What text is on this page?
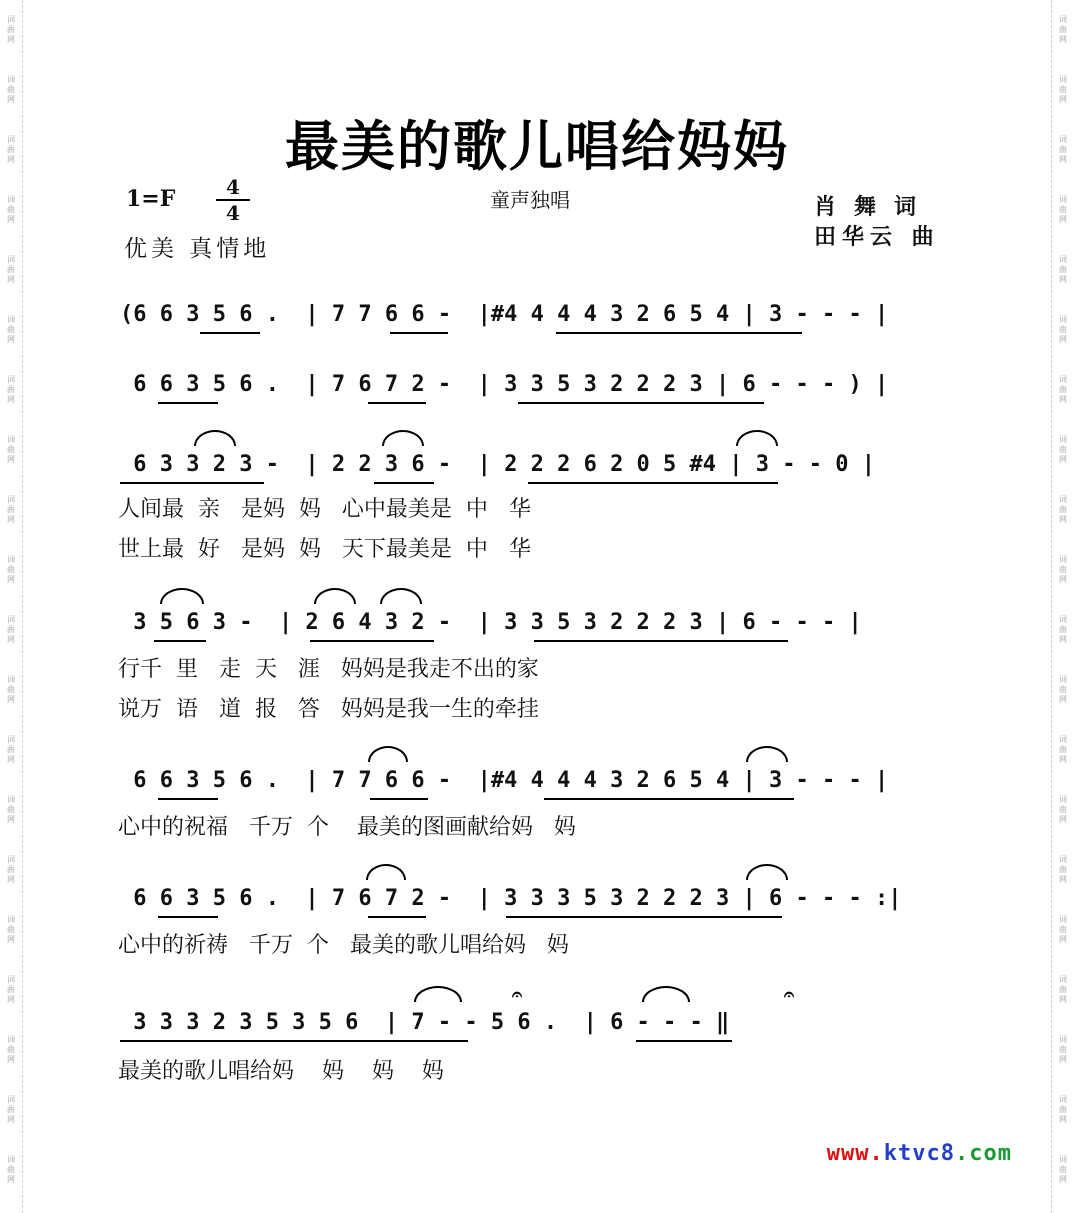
词
曲
网
词
曲
网
词
曲
网
词
曲
网
词
曲
网
词
曲
网
词
曲
网
词
曲
网
词
曲
网
词
曲
网
词
曲
网
词
曲
网
词
曲
网
词
曲
网
词
曲
网
词
曲
网
词
曲
网
词
曲
网
词
曲
网
词
曲
网
词
曲
网
词
曲
网
词
曲
网
词
曲
网
词
曲
网
词
曲
网
词
曲
网
词
曲
网
词
曲
网
词
曲
网
词
曲
网
词
曲
网
词
曲
网
词
曲
网
词
曲
网
词
曲
网
词
曲
网
词
曲
网
词
曲
网
词
曲
网
最美的歌儿唱给妈妈
1=F	4
4
童声独唱	肖舞词
田华云 曲
优美 真情地
(6 6 3 5 6 .  | 7 7 6 6 -  |#4 4 4 4 3 2 6 5 4 | 3 - - - |
6 6 3 5 6 .  | 7 6 7 2 -  | 3 3 5 3 2 2 2 3 | 6 - - - ) |
6 3 3 2 3 -  | 2 2 3 6 -  | 2 2 2 6 2 0 5 #4 | 3 - - 0 |
人间最  亲   是妈  妈   心中最美是  中   华
世上最  好   是妈  妈   天下最美是  中   华
3 5 6 3 -  | 2 6 4 3 2 -  | 3 3 5 3 2 2 2 3 | 6 - - - |
行千  里   走  天   涯   妈妈是我走不出的家
说万  语   道  报   答   妈妈是我一生的牵挂
6 6 3 5 6 .  | 7 7 6 6 -  |#4 4 4 4 3 2 6 5 4 | 3 - - - |
心中的祝福   千万  个    最美的图画献给妈   妈
6 6 3 5 6 .  | 7 6 7 2 -  | 3 3 3 5 3 2 2 2 3 | 6 - - - :|
心中的祈祷   千万  个   最美的歌儿唱给妈   妈
𝄐	𝄐
3 3 3 2 3 5 3 5 6  | 7 - - 5 6 .  | 6 - - - ‖
最美的歌儿唱给妈    妈    妈    妈
www.ktvc8.com
